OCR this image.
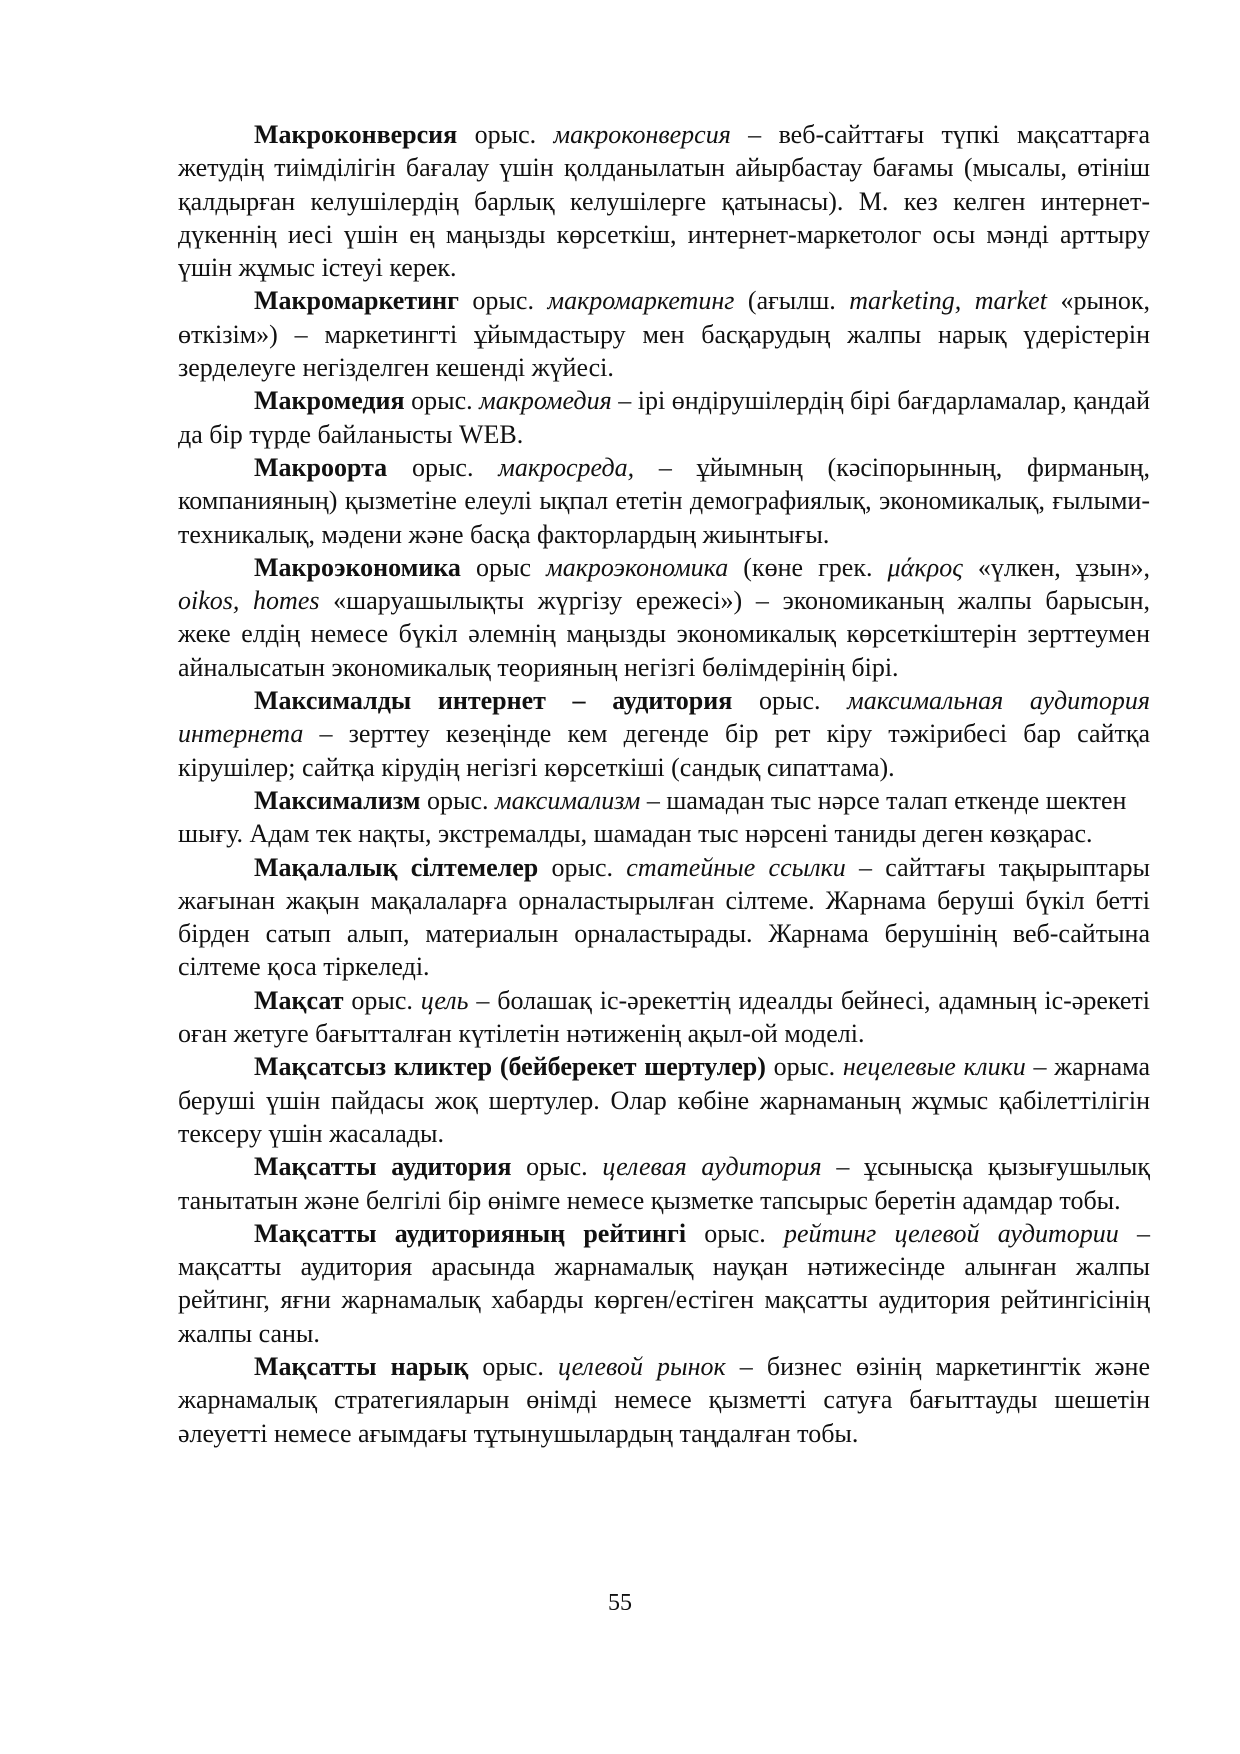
Макроконверсия орыс. макроконверсия – веб-сайттағы түпкі мақсаттарға жетудің тиімділігін бағалау үшін қолданылатын айырбастау бағамы (мысалы, өтініш қалдырған келушілердің барлық келушілерге қатынасы). М. кез келген интернет-дүкеннің иесі үшін ең маңызды көрсеткіш, интернет-маркетолог осы мәнді арттыру үшін жұмыс істеуі керек.

Макромаркетинг орыс. макромаркетинг (ағылш. marketing, market «рынок, өткізім») – маркетингті ұйымдастыру мен басқарудың жалпы нарық үдерістерін зерделеуге негізделген кешенді жүйесі.

Макромедия орыс. макромедия – ірі өндірушілердің бірі бағдарламалар, қандай да бір түрде байланысты WEB.

Макроорта орыс. макросреда, – ұйымның (кәсіпорынның, фирманың, компанияның) қызметіне елеулі ықпал ететін демографиялық, экономикалық, ғылыми-техникалық, мәдени және басқа факторлардың жиынтығы.

Макроэкономика орыс макроэкономика (көне грек. μάκρος «үлкен, ұзын», oikos, homes «шаруашылықты жүргізу ережесі») – экономиканың жалпы барысын, жеке елдің немесе бүкіл әлемнің маңызды экономикалық көрсеткіштерін зерттеумен айналысатын экономикалық теорияның негізгі бөлімдерінің бірі.

Максималды интернет – аудитория орыс. максимальная аудитория интернета – зерттеу кезеңінде кем дегенде бір рет кіру тәжірибесі бар сайтқа кірушілер; сайтқа кірудің негізгі көрсеткіші (сандық сипаттама).

Максимализм орыс. максимализм – шамадан тыс нәрсе талап еткенде шектен шығу. Адам тек нақты, экстремалды, шамадан тыс нәрсені таниды деген көзқарас.

Мақалалық сілтемелер орыс. статейные ссылки – сайттағы тақырыптары жағынан жақын мақалаларға орналастырылған сілтеме. Жарнама беруші бүкіл бетті бірден сатып алып, материалын орналастырады. Жарнама берушінің веб-сайтына сілтеме қоса тіркеледі.

Мақсат орыс. цель – болашақ іс-әрекеттің идеалды бейнесі, адамның іс-әрекеті оған жетуге бағытталған күтілетін нәтиженің ақыл-ой моделі.

Мақсатсыз кликтер (бейберекет шертулер) орыс. нецелевые клики – жарнама беруші үшін пайдасы жоқ шертулер. Олар көбіне жарнаманың жұмыс қабілеттілігін тексеру үшін жасалады.

Мақсатты аудитория орыс. целевая аудитория – ұсынысқа қызығушылық танытатын және белгілі бір өнімге немесе қызметке тапсырыс беретін адамдар тобы.

Мақсатты аудиторияның рейтингі орыс. рейтинг целевой аудитории – мақсатты аудитория арасында жарнамалық науқан нәтижесінде алынған жалпы рейтинг, яғни жарнамалық хабарды көрген/естіген мақсатты аудитория рейтингісінің жалпы саны.

Мақсатты нарық орыс. целевой рынок – бизнес өзінің маркетингтік және жарнамалық стратегияларын өнімді немесе қызметті сатуға бағыттауды шешетін әлеуетті немесе ағымдағы тұтынушылардың таңдалған тобы.

55
